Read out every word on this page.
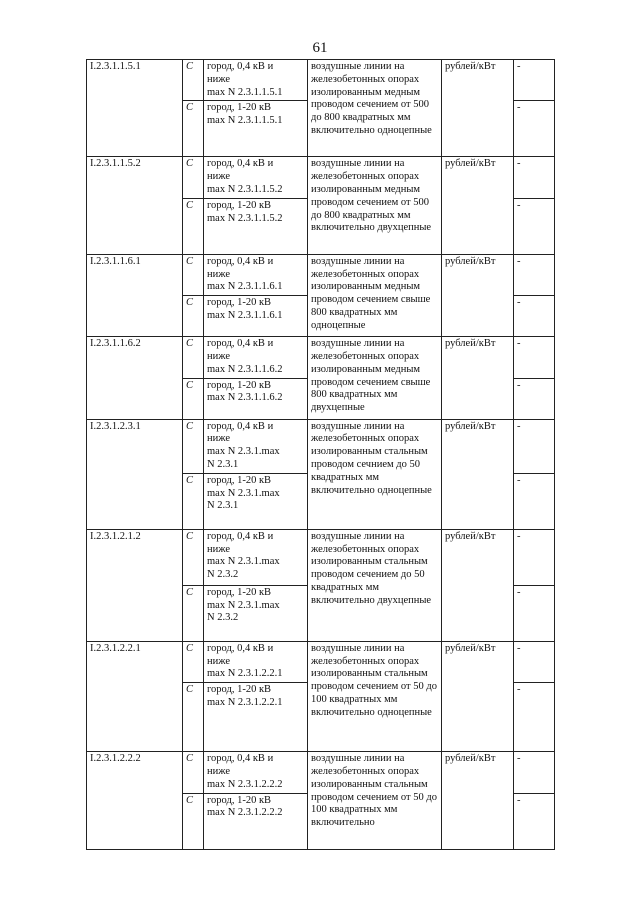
61
I.2.3.1.1.5.1	C	город, 0,4 кВ и
ниже
max N 2.3.1.1.5.1	воздушные линии на железобетонных опорах изолированным медным проводом сечением от 500 до 800 квадратных мм включительно одноцепные	рублей/кВт	-
	C	город, 1-20 кВ
max N 2.3.1.1.5.1			-
I.2.3.1.1.5.2	C	город, 0,4 кВ и
ниже
max N 2.3.1.1.5.2	воздушные линии на железобетонных опорах изолированным медным проводом сечением от 500 до 800 квадратных мм включительно двухцепные	рублей/кВт	-
	C	город, 1-20 кВ
max N 2.3.1.1.5.2			-
I.2.3.1.1.6.1	C	город, 0,4 кВ и
ниже
max N 2.3.1.1.6.1	воздушные линии на железобетонных опорах изолированным медным проводом сечением свыше 800 квадратных мм одноцепные	рублей/кВт	-
	C	город, 1-20 кВ
max N 2.3.1.1.6.1			-
I.2.3.1.1.6.2	C	город, 0,4 кВ и
ниже
max N 2.3.1.1.6.2	воздушные линии на железобетонных опорах изолированным медным проводом сечением свыше 800 квадратных мм двухцепные	рублей/кВт	-
	C	город, 1-20 кВ
max N 2.3.1.1.6.2			-
I.2.3.1.2.3.1	C	город, 0,4 кВ и
ниже
max N 2.3.1.max
N 2.3.1	воздушные линии на железобетонных опорах изолированным стальным проводом сечнием до 50 квадратных мм включительно одноцепные	рублей/кВт	-
	C	город, 1-20 кВ
max N 2.3.1.max
N 2.3.1			-
I.2.3.1.2.1.2	C	город, 0,4 кВ и
ниже
max N 2.3.1.max
N 2.3.2	воздушные линии на железобетонных опорах изолированным стальным проводом сечением до 50 квадратных мм включительно двухцепные	рублей/кВт	-
	C	город, 1-20 кВ
max N 2.3.1.max
N 2.3.2			-
I.2.3.1.2.2.1	C	город, 0,4 кВ и
ниже
max N 2.3.1.2.2.1	воздушные линии на железобетонных опорах изолированным стальным проводом сечением от 50 до 100 квадратных мм включительно одноцепные	рублей/кВт	-
	C	город, 1-20 кВ
max N 2.3.1.2.2.1			-
I.2.3.1.2.2.2	C	город, 0,4 кВ и
ниже
max N 2.3.1.2.2.2	воздушные линии на железобетонных опорах изолированным стальным проводом сечением от 50 до 100 квадратных мм включительно	рублей/кВт	-
	C	город, 1-20 кВ
max N 2.3.1.2.2.2			-
